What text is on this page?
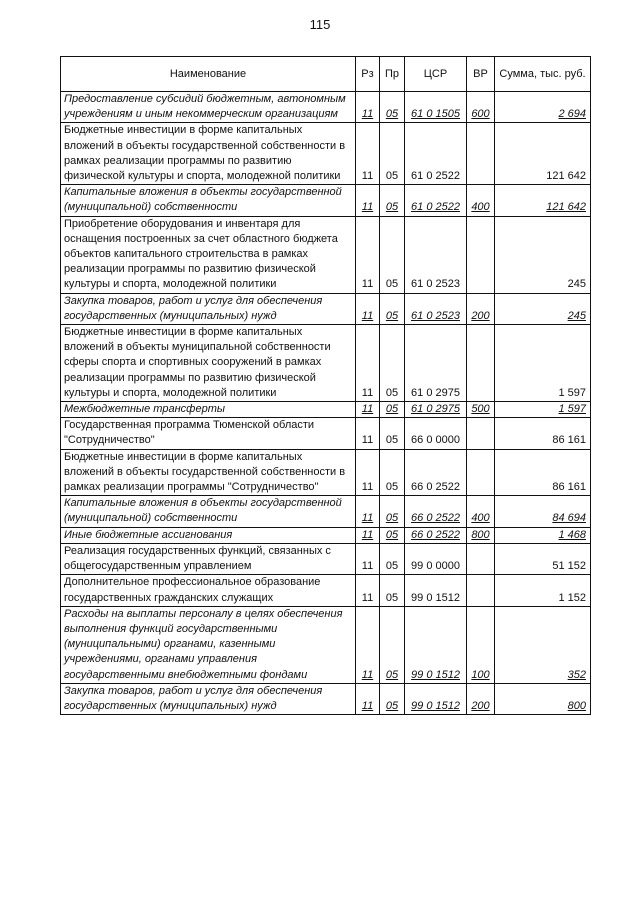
115
Наименование	Рз	Пр	ЦСР	ВР	Сумма, тыс. руб.
Предоставление субсидий бюджетным, автономным учреждениям и иным некоммерческим организациям	11	05	61 0 1505	600	2 694
Бюджетные инвестиции в форме капитальных вложений в объекты государственной собственности в рамках реализации программы по развитию физической культуры и спорта, молодежной политики	11	05	61 0 2522		121 642
Капитальные вложения в объекты государственной (муниципальной) собственности	11	05	61 0 2522	400	121 642
Приобретение оборудования и инвентаря для оснащения построенных за счет областного бюджета объектов капитального строительства в рамках реализации программы по развитию физической культуры и спорта, молодежной политики	11	05	61 0 2523		245
Закупка товаров, работ и услуг для обеспечения государственных (муниципальных) нужд	11	05	61 0 2523	200	245
Бюджетные инвестиции в форме капитальных вложений в объекты муниципальной собственности сферы спорта и спортивных сооружений в рамках реализации программы по развитию физической культуры и спорта, молодежной политики	11	05	61 0 2975		1 597
Межбюджетные трансферты	11	05	61 0 2975	500	1 597
Государственная программа Тюменской области "Сотрудничество"	11	05	66 0 0000		86 161
Бюджетные инвестиции в форме капитальных вложений в объекты государственной собственности в рамках реализации программы "Сотрудничество"	11	05	66 0 2522		86 161
Капитальные вложения в объекты государственной (муниципальной) собственности	11	05	66 0 2522	400	84 694
Иные бюджетные ассигнования	11	05	66 0 2522	800	1 468
Реализация государственных функций, связанных с общегосударственным управлением	11	05	99 0 0000		51 152
Дополнительное профессиональное образование государственных гражданских служащих	11	05	99 0 1512		1 152
Расходы на выплаты персоналу в целях обеспечения выполнения функций государственными (муниципальными) органами, казенными учреждениями, органами управления государственными внебюджетными фондами	11	05	99 0 1512	100	352
Закупка товаров, работ и услуг для обеспечения государственных (муниципальных) нужд	11	05	99 0 1512	200	800
